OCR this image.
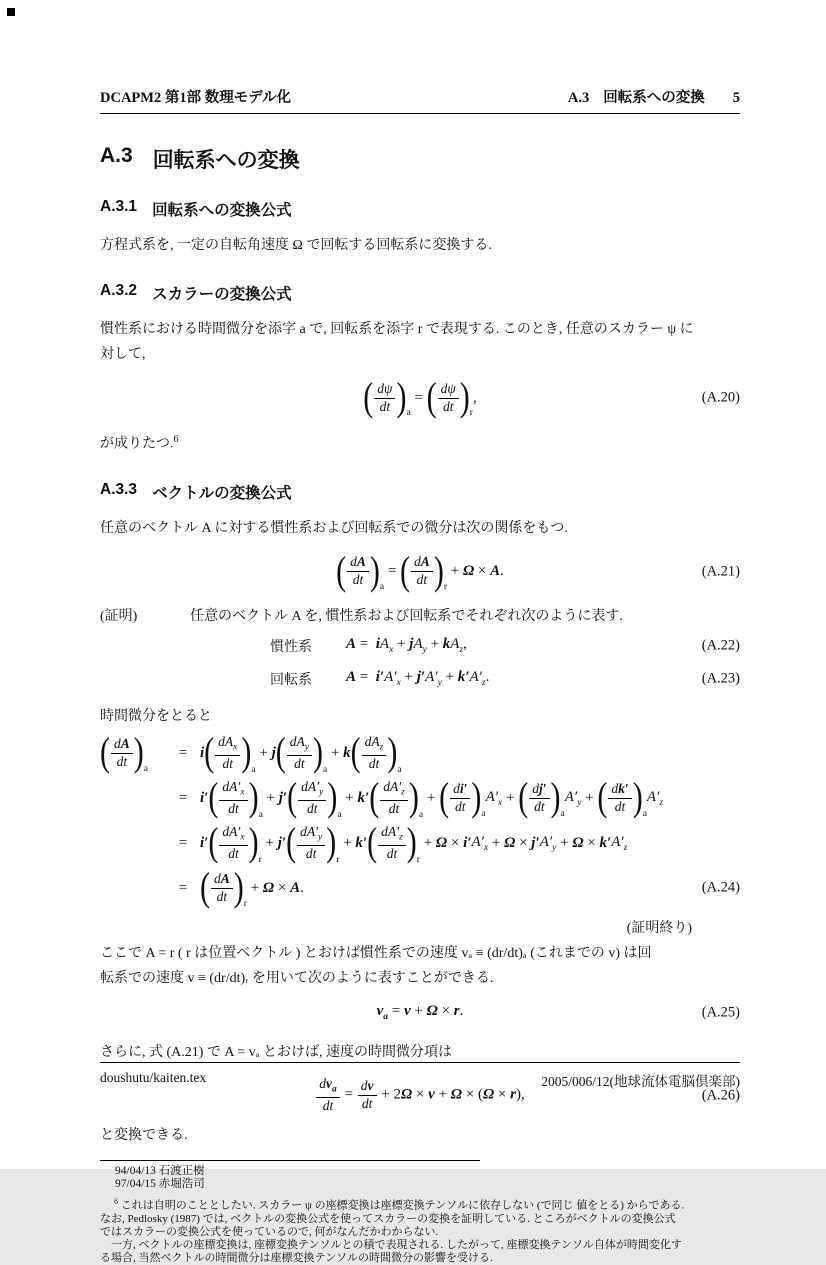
DCAPM2 第1部 数理モデル化	A.3 回転系への変換 5
A.3 回転系への変換
A.3.1 回転系への変換公式
方程式系を, 一定の自転角速度 Ω で回転する回転系に変換する.
A.3.2 スカラーの変換公式
慣性系における時間微分を添字 a で, 回転系を添字 r で表現する. このとき, 任意のスカラー ψ に
対して,
( $\frac{d\psi}{dt}$ ) a
= ( $\frac{d\psi}{dt}$ ) r
,	(A.20)
が成りたつ.$^6$
A.3.3 ベクトルの変換公式
任意のベクトル A に対する慣性系および回転系での微分は次の関係をもつ.
( $\frac{dA}{dt}$ ) a
= ( $\frac{dA}{dt}$ ) r
+ Ω × A.	(A.21)
(証明)	任意のベクトル A を, 慣性系および回転系でそれぞれ次のように表す.
慣性系	$A = iA_x + jA_y + kA_z$,	(A.22)
回転系	$A = i'A'_x + j'A'_y + k'A'_z$.	(A.23)
時間微分をとると
( $\frac{dA}{dt}$ ) a
= i ( $\frac{dA_x}{dt}$ ) a
+ j ( $\frac{dA_y}{dt}$ ) a
+ k ( $\frac{dA_z}{dt}$ ) a
= i′ ( $\frac{dA'_x}{dt}$ ) a
+ j′ ( $\frac{dA'_y}{dt}$ ) a
+ k′ ( $\frac{dA'_z}{dt}$ ) a
+ ( $\frac{di'}{dt}$ ) a
$A'_x$ + ( $\frac{dj'}{dt}$ ) a
$A'_y$ + ( $\frac{dk'}{dt}$ ) a
$A'_z$
= i′ ( $\frac{dA'_x}{dt}$ ) r
+ j′ ( $\frac{dA'_y}{dt}$ ) r
+ k′ ( $\frac{dA'_z}{dt}$ ) r
+ Ω × i′ $A'_x + \Omega \times j'$ $A'_y + \Omega \times k'$ $A'_z$
= ( $\frac{dA}{dt}$ ) r
+ Ω × A .	(A.24)
(証明終り)
ここで A = r ( r は位置ベクトル ) とおけば慣性系での速度 vₐ ≡ (dr/dt)ₐ (これまでの v) は回
転系での速度 v ≡ (dr/dt)ᵣ を用いて次のように表すことができる.
$v_a = v + \Omega \times r$.	(A.25)
さらに, 式 (A.21) で A = vₐ とおけば, 速度の時間微分項は
$\frac{dv_a}{dt} = \frac{dv}{dt} + 2\Omega \times v + \Omega \times (\Omega \times r)$,	(A.26)
と変換できる.
94/04/13 石渡正樹
97/04/15 赤堀浩司
$^6$ これは自明のこととしたい. スカラー ψ の座標変換は座標変換テンソルに依存しない (で同じ 値をとる) からである.
なお, Pedlosky (1987) では, ベクトルの変換公式を使ってスカラーの変換を証明している. ところがベクトルの変換公式
ではスカラーの変換公式を使っているので, 何がなんだかわからない.
　一方, ベクトルの座標変換は, 座標変換テンソルとの積で表現される. したがって, 座標変換テンソル自体が時間変化す
る場合, 当然ベクトルの時間微分は座標変換テンソルの時間微分の影響を受ける.
doushutu/kaiten.tex	2005/006/12(地球流体電脳倶楽部)
